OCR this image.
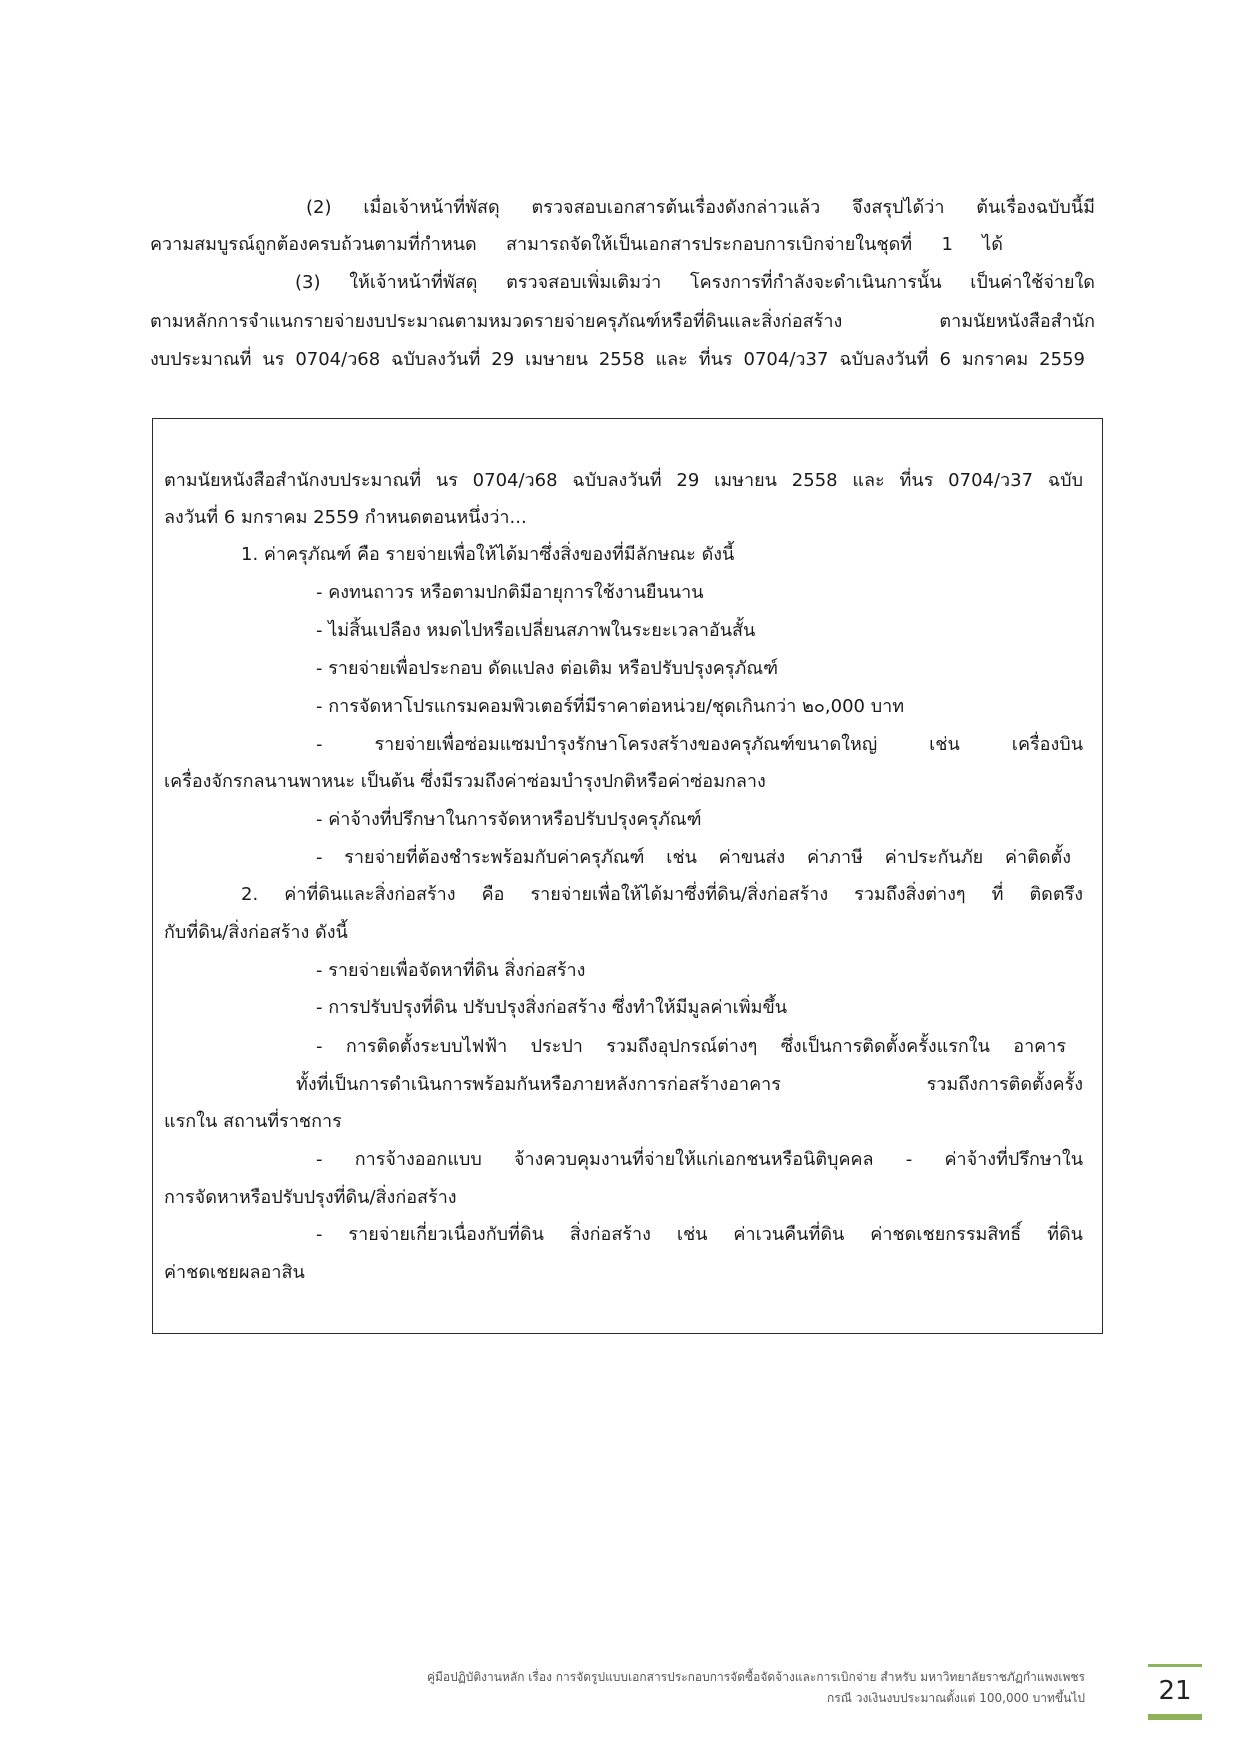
(2) เมื่อเจ้าหน้าที่พัสดุ ตรวจสอบเอกสารต้นเรื่องดังกล่าวแล้ว จึงสรุปได้ว่า ต้นเรื่องฉบับนี้มี
ความสมบูรณ์ถูกต้องครบถ้วนตามที่กำหนด สามารถจัดให้เป็นเอกสารประกอบการเบิกจ่ายในชุดที่ 1 ได้
(3) ให้เจ้าหน้าที่พัสดุ ตรวจสอบเพิ่มเติมว่า โครงการที่กำลังจะดำเนินการนั้น เป็นค่าใช้จ่ายใด
ตามหลักการจำแนกรายจ่ายงบประมาณตามหมวดรายจ่ายครุภัณฑ์หรือที่ดินและสิ่งก่อสร้าง ตามนัยหนังสือสำนัก
งบประมาณที่ นร 0704/ว68 ฉบับลงวันที่ 29 เมษายน 2558 และ ที่นร 0704/ว37 ฉบับลงวันที่ 6 มกราคม 2559
ตามนัยหนังสือสำนักงบประมาณที่ นร 0704/ว68 ฉบับลงวันที่ 29 เมษายน 2558 และ ที่นร 0704/ว37 ฉบับ
ลงวันที่ 6 มกราคม 2559 กำหนดตอนหนึ่งว่า...
1. ค่าครุภัณฑ์ คือ รายจ่ายเพื่อให้ได้มาซึ่งสิ่งของที่มีลักษณะ ดังนี้
- คงทนถาวร หรือตามปกติมีอายุการใช้งานยืนนาน
- ไม่สิ้นเปลือง หมดไปหรือเปลี่ยนสภาพในระยะเวลาอันสั้น
- รายจ่ายเพื่อประกอบ ดัดแปลง ต่อเติม หรือปรับปรุงครุภัณฑ์
- การจัดหาโปรแกรมคอมพิวเตอร์ที่มีราคาต่อหน่วย/ชุดเกินกว่า ๒๐,000 บาท
- รายจ่ายเพื่อซ่อมแซมบำรุงรักษาโครงสร้างของครุภัณฑ์ขนาดใหญ่ เช่น เครื่องบิน
เครื่องจักรกลนานพาหนะ เป็นต้น ซึ่งมีรวมถึงค่าซ่อมบำรุงปกติหรือค่าซ่อมกลาง
- ค่าจ้างที่ปรึกษาในการจัดหาหรือปรับปรุงครุภัณฑ์
- รายจ่ายที่ต้องชำระพร้อมกับค่าครุภัณฑ์ เช่น ค่าขนส่ง ค่าภาษี ค่าประกันภัย ค่าติดตั้ง
2. ค่าที่ดินและสิ่งก่อสร้าง คือ รายจ่ายเพื่อให้ได้มาซึ่งที่ดิน/สิ่งก่อสร้าง รวมถึงสิ่งต่างๆ ที่ ติดตรึง
กับที่ดิน/สิ่งก่อสร้าง ดังนี้
- รายจ่ายเพื่อจัดหาที่ดิน สิ่งก่อสร้าง
- การปรับปรุงที่ดิน ปรับปรุงสิ่งก่อสร้าง ซึ่งทำให้มีมูลค่าเพิ่มขึ้น
- การติดตั้งระบบไฟฟ้า ประปา รวมถึงอุปกรณ์ต่างๆ ซึ่งเป็นการติดตั้งครั้งแรกใน อาคาร
ทั้งที่เป็นการดำเนินการพร้อมกันหรือภายหลังการก่อสร้างอาคาร รวมถึงการติดตั้งครั้ง
แรกใน สถานที่ราชการ
- การจ้างออกแบบ จ้างควบคุมงานที่จ่ายให้แก่เอกชนหรือนิติบุคคล - ค่าจ้างที่ปรึกษาใน
การจัดหาหรือปรับปรุงที่ดิน/สิ่งก่อสร้าง
- รายจ่ายเกี่ยวเนื่องกับที่ดิน สิ่งก่อสร้าง เช่น ค่าเวนคืนที่ดิน ค่าชดเชยกรรมสิทธิ์ ที่ดิน
ค่าชดเชยผลอาสิน
คู่มือปฏิบัติงานหลัก เรื่อง การจัดรูปแบบเอกสารประกอบการจัดซื้อจัดจ้างและการเบิกจ่าย สำหรับ มหาวิทยาลัยราชภัฏกำแพงเพชร
กรณี วงเงินงบประมาณตั้งแต่ 100,000 บาทขึ้นไป	21
